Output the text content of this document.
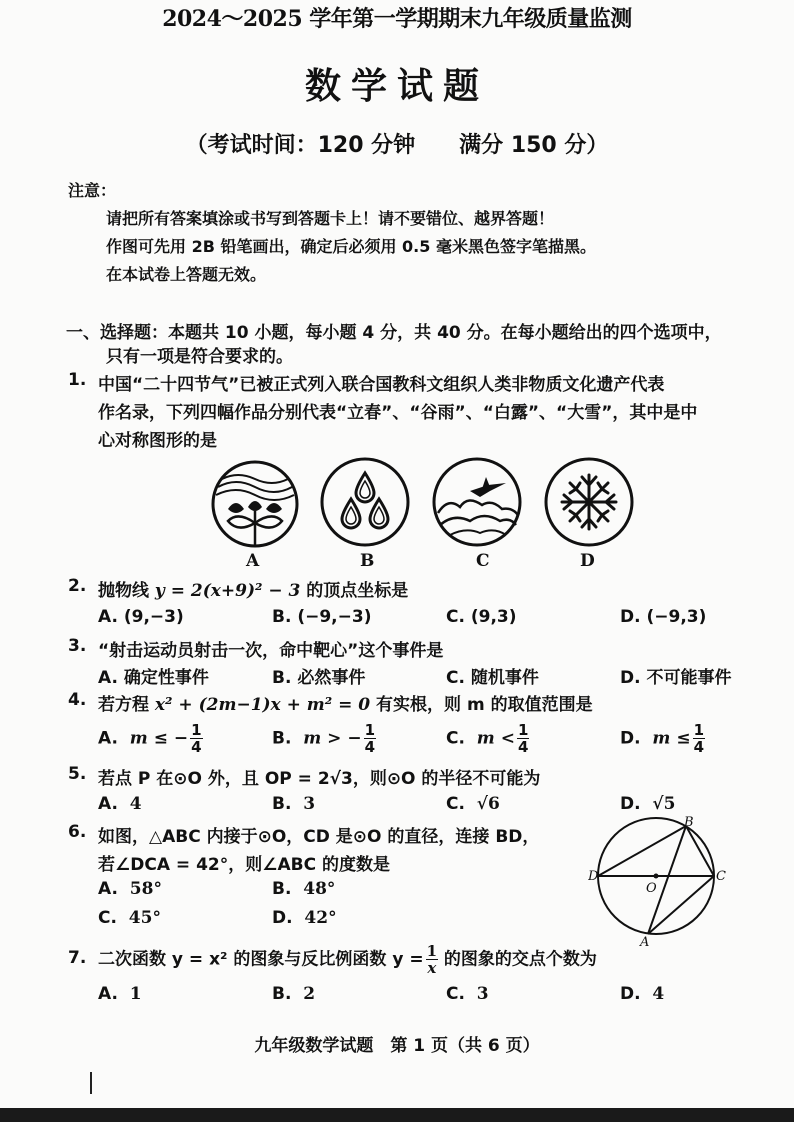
2024～2025 学年第一学期期末九年级质量监测
数学试题
（考试时间：120 分钟　　满分 150 分）
注意：
请把所有答案填涂或书写到答题卡上！请不要错位、越界答题！
作图可先用 2B 铅笔画出，确定后必须用 0.5 毫米黑色签字笔描黑。
在本试卷上答题无效。
一、选择题：本题共 10 小题，每小题 4 分，共 40 分。在每小题给出的四个选项中，
只有一项是符合要求的。
1. 中国“二十四节气”已被正式列入联合国教科文组织人类非物质文化遗产代表
作名录，下列四幅作品分别代表“立春”、“谷雨”、“白露”、“大雪”，其中是中
心对称图形的是
A	B	C	D
2. 抛物线 y = 2(x+9)² − 3 的顶点坐标是
A. (9,−3)	B. (−9,−3)	C. (9,3)	D. (−9,3)
3. “射击运动员射击一次，命中靶心”这个事件是
A. 确定性事件	B. 必然事件	C. 随机事件	D. 不可能事件
4. 若方程 x² + (2m−1)x + m² = 0 有实根，则 m 的取值范围是
A. m ≤ − $\frac{1}{4}$	B. m > − $\frac{1}{4}$	C. $m < \frac{1}{4}$	D. $m \le \frac{1}{4}$
5. 若点 P 在⊙O 外，且 OP = 2√3，则⊙O 的半径不可能为
A. 4	B. 3	C. √6	D. √5
6. 如图，△ABC 内接于⊙O，CD 是⊙O 的直径，连接 BD，
若∠DCA = 42°，则∠ABC 的度数是
A. 58°	B. 48°
C. 45°	D. 42°
B
D	C
O
A
7. 二次函数 y = x² 的图象与反比例函数 $y = \frac{1}{x}$ 的图象的交点个数为
A. 1	B. 2	C. 3	D. 4
九年级数学试题　第 1 页（共 6 页）
